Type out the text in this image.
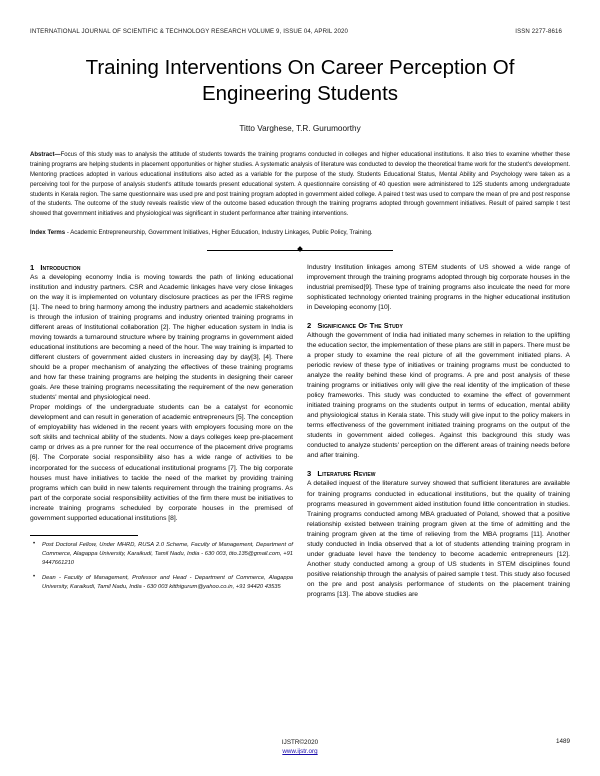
INTERNATIONAL JOURNAL OF SCIENTIFIC & TECHNOLOGY RESEARCH VOLUME 9, ISSUE 04, APRIL 2020	ISSN 2277-8616
Training Interventions On Career Perception Of Engineering Students
Titto Varghese, T.R. Gurumoorthy
Abstract—Focus of this study was to analysis the attitude of students towards the training programs conducted in colleges and higher educational institutions. It also tries to examine whether these training programs are helping students in placement opportunities or higher studies. A systematic analysis of literature was conducted to develop the theoretical frame work for the student's development. Mentoring practices adopted in various educational institutions also acted as a variable for the purpose of the study. Students Educational Status, Mental Ability and Psychology were taken as a perceiving tool for the purpose of analysis student's attitude towards present educational system. A questionnaire consisting of 40 question were administered to 125 students among undergraduate students in Kerala region. The same questionnaire was used pre and post training program adopted in government aided college. A paired t test was used to compare the mean of pre and post response of the students. The outcome of the study reveals realistic view of the outcome based education through the training programs adopted through government initiatives. Result of paired sample t test showed that government initiatives and physiological was significant in student performance after training interventions.
Index Terms - Academic Entrepreneurship, Government Initiatives, Higher Education, Industry Linkages, Public Policy, Training.
1 Introduction

As a developing economy India is moving towards the path of linking educational institution and industry partners. CSR and Academic linkages have very close linkages on the way it is implemented on voluntary disclosure practices as per the IFRS regime [1]. The need to bring harmony among the industry partners and academic stakeholders is through the infusion of training programs and industry oriented training programs in different areas of Institutional collaboration [2]. The higher education system in India is moving towards a turnaround structure where by training programs in government aided educational institutions are becoming a need of the hour. The way training is imparted to different clusters of government aided clusters in increasing day by day[3], [4]. There should be a proper mechanism of analyzing the effectives of these training programs and how far these training programs are helping the students in designing their career goals. Are these training programs necessitating the requirement of the new generation students' mental and physiological need.

Proper moldings of the undergraduate students can be a catalyst for economic development and can result in generation of academic entrepreneurs [5]. The conception of employability has widened in the recent years with employers focusing more on the soft skills and technical ability of the students. Now a days colleges keep pre-placement camp or drives as a pre runner for the real occurrence of the placement drive programs [6]. The Corporate social responsibility also has a wide range of activities to be incorporated for the success of educational institutional programs [7]. The big corporate houses must have initiatives to tackle the need of the market by providing training programs which can build in new talents requirement through the training programs. As part of the corporate social responsibility activities of the firm there must be initiatives to increate training programs scheduled by corporate houses in the premised of government supported educational institutions [8].

• Post Doctoral Fellow, Under MHRD, RUSA 2.0 Scheme, Faculty of Management, Department of Commerce, Alagappa University, Karaikudi, Tamil Nadu, India - 630 003, tito.135@gmail.com, +91 9447661210
• Dean - Faculty of Management, Professor and Head - Department of Commerce, Alagappa University, Karaikudi, Tamil Nadu, India - 630 003 kitthigurum@yahoo.co.in, +91 94420 43535

Industry Institution linkages among STEM students of US showed a wide range of improvement through the training programs adopted through big corporate houses in the industrial premised[9]. These type of training programs also inculcate the need for more sophisticated technology oriented training programs in the higher educational institution in Developing economy [10].

2 Significance Of The Study

Although the government of India had initiated many schemes in relation to the uplifting the education sector, the implementation of these plans are still in papers. There must be a proper study to examine the real picture of all the government initiated plans. A periodic review of these type of initiatives or training programs must be conducted to analyze the reality behind these kind of programs. A pre and post analysis of these training programs or initiatives only will give the real identity of the implication of these policy frameworks. This study was conducted to examine the effect of government initiated training programs on the students output in terms of education, mental ability and physiological status in Kerala state. This study will give input to the policy makers in terms effectiveness of the government initiated training programs on the output of the students in government aided colleges. Against this background this study was conducted to analyze students' perception on the different areas of training needs before and after training.

3 Literature Review

A detailed inquest of the literature survey showed that sufficient literatures are available for training programs conducted in educational institutions, but the quality of training programs measured in government aided institution found little concentration in studies. Training programs conducted among MBA graduated of Poland, showed that a positive relationship existed between training program given at the time of admitting and the training program given at the time of relieving from the MBA programs [11]. Another study conducted in India observed that a lot of students attending training program in under graduate level have the tendency to become academic entrepreneurs [12]. Another study conducted among a group of US students in STEM disciplines found positive relationship through the analysis of paired sample t test. This study also focused on the pre and post analysis performance of students on the placement training programs [13]. The above studies are

IJSTR©2020
www.ijstr.org
1489
